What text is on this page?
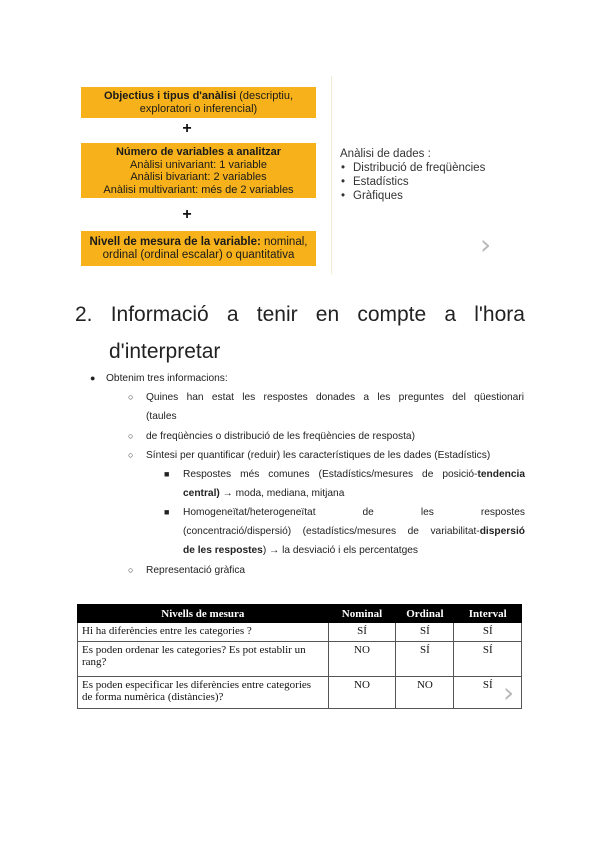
Objectius i tipus d'anàlisi (descriptiu, exploratori o inferencial)
+
Número de variables a analitzar
Anàlisi univariant: 1 variable
Anàlisi bivariant: 2 variables
Anàlisi multivariant: més de 2 variables
+
Nivell de mesura de la variable: nominal, ordinal (ordinal escalar) o quantitativa
Anàlisi de dades :
• Distribució de freqüències
• Estadístics
• Gràfiques
›
2. Informació a tenir en compte a l'hora
d'interpretar
● Obtenim tres informacions:
○ Quines han estat les respostes donades a les preguntes del qüestionari
(taules
○ de freqüències o distribució de les freqüències de resposta)
○ Síntesi per quantificar (reduir) les característiques de les dades (Estadístics)
■ Respostes més comunes (Estadístics/mesures de posició-tendencia
central) → moda, mediana, mitjana
■ Homogeneïtat/heterogeneïtat	de	les	respostes
(concentració/dispersió) (estadístics/mesures de variabilitat-dispersió
de les respostes) → la desviació i els percentatges
○ Representació gràfica
Nivells de mesura	Nominal	Ordinal	Interval
Hi ha diferències entre les categories ?	SÍ	SÍ	SÍ
Es poden ordenar les categories? Es pot establir un rang?	NO	SÍ	SÍ
Es poden especificar les diferències entre categories de forma numèrica (distàncies)?	NO	NO	SÍ ›
